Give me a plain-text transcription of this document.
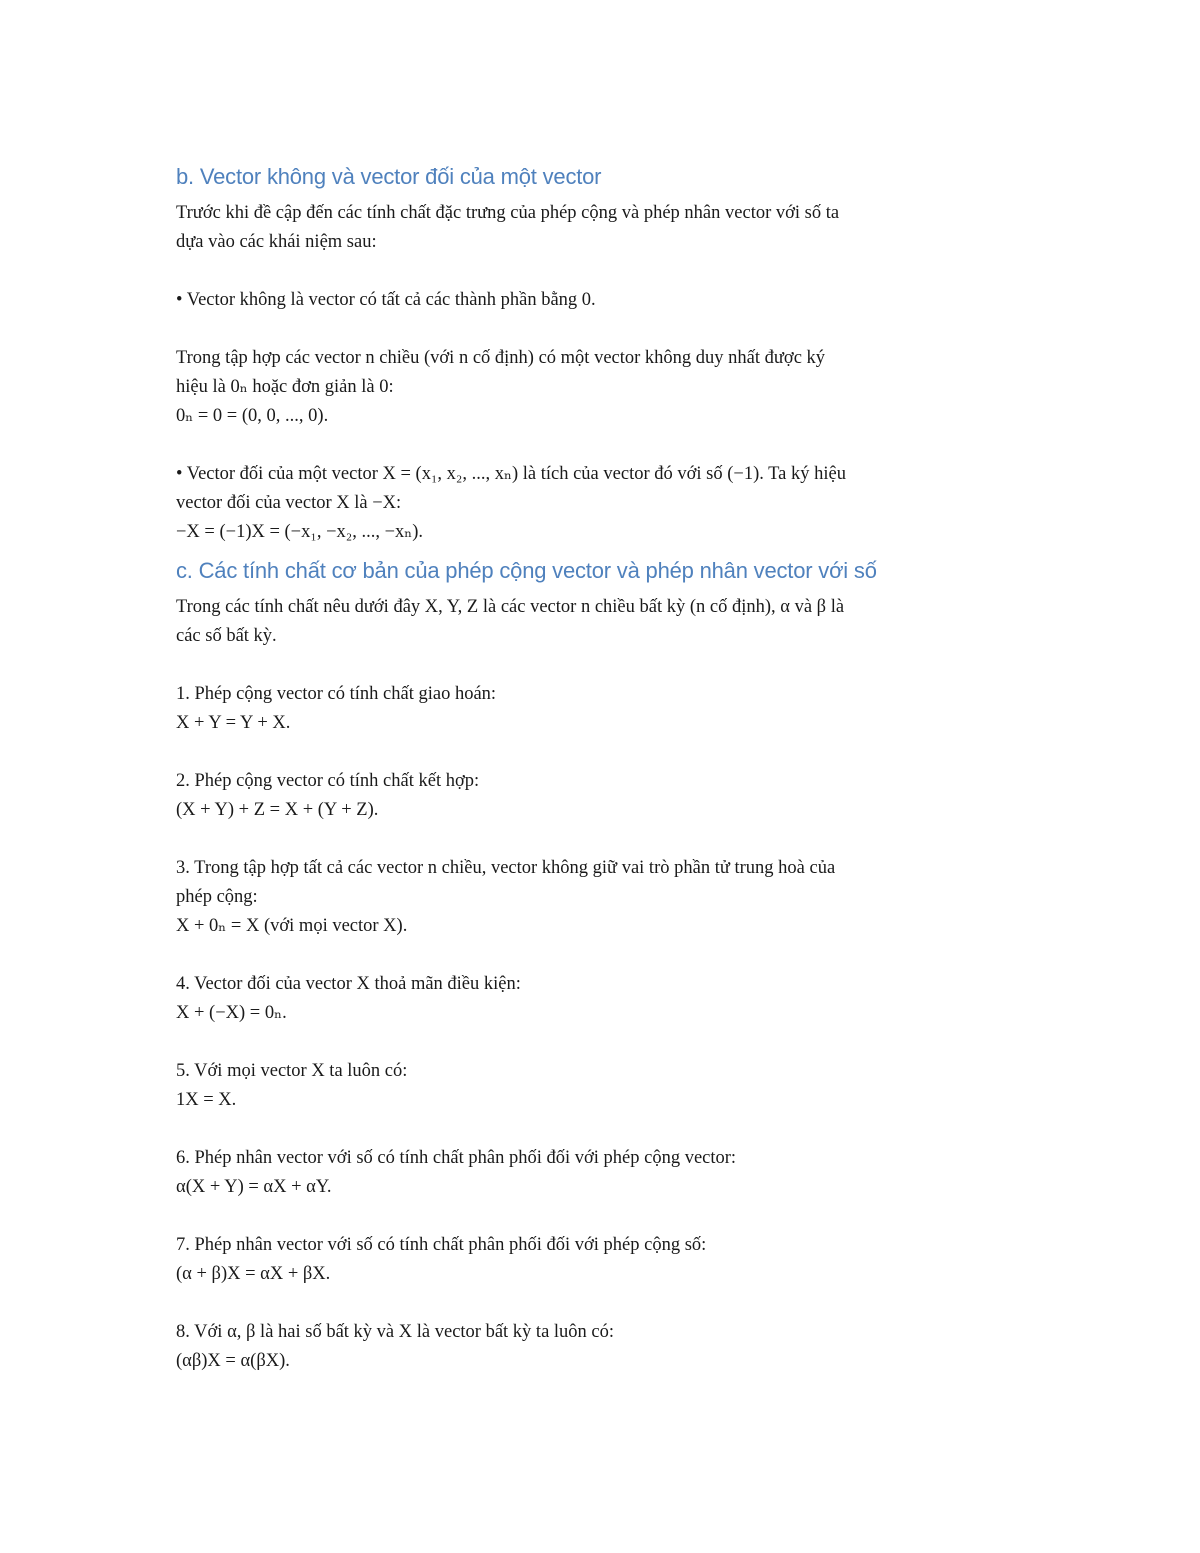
b. Vector không và vector đối của một vector

Trước khi đề cập đến các tính chất đặc trưng của phép cộng và phép nhân vector với số ta

dựa vào các khái niệm sau:

• Vector không là vector có tất cả các thành phần bằng 0.

Trong tập hợp các vector n chiều (với n cố định) có một vector không duy nhất được ký

hiệu là 0ₙ hoặc đơn giản là 0:

0ₙ = 0 = (0, 0, ..., 0).

• Vector đối của một vector X = (x₁, x₂, ..., xₙ) là tích của vector đó với số (−1). Ta ký hiệu

vector đối của vector X là −X:

−X = (−1)X = (−x₁, −x₂, ..., −xₙ).

c. Các tính chất cơ bản của phép cộng vector và phép nhân vector với số

Trong các tính chất nêu dưới đây X, Y, Z là các vector n chiều bất kỳ (n cố định), α và β là

các số bất kỳ.

1. Phép cộng vector có tính chất giao hoán:

X + Y = Y + X.

2. Phép cộng vector có tính chất kết hợp:

(X + Y) + Z = X + (Y + Z).

3. Trong tập hợp tất cả các vector n chiều, vector không giữ vai trò phần tử trung hoà của

phép cộng:

X + 0ₙ = X (với mọi vector X).

4. Vector đối của vector X thoả mãn điều kiện:

X + (−X) = 0ₙ.

5. Với mọi vector X ta luôn có:

1X = X.

6. Phép nhân vector với số có tính chất phân phối đối với phép cộng vector:

α(X + Y) = αX + αY.

7. Phép nhân vector với số có tính chất phân phối đối với phép cộng số:

(α + β)X = αX + βX.

8. Với α, β là hai số bất kỳ và X là vector bất kỳ ta luôn có:

(αβ)X = α(βX).
